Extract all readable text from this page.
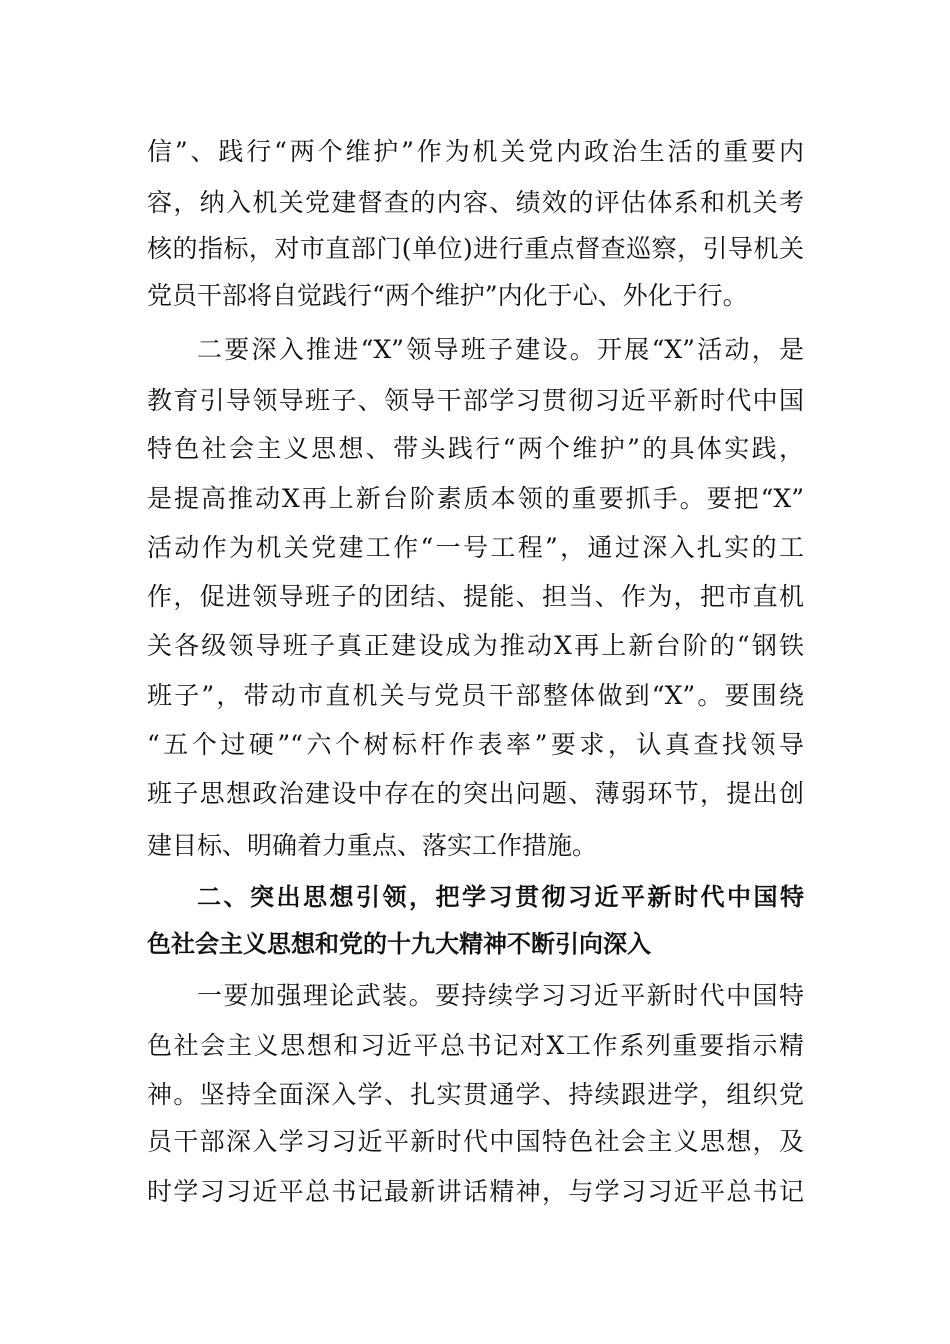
信”、践行“两个维护”作为机关党内政治生活的重要内
容，纳入机关党建督查的内容、绩效的评估体系和机关考
核的指标，对市直部门(单位)进行重点督查巡察，引导机关
党员干部将自觉践行“两个维护”内化于心、外化于行。
二要深入推进“X”领导班子建设。开展“X”活动，是
教育引导领导班子、领导干部学习贯彻习近平新时代中国
特色社会主义思想、带头践行“两个维护”的具体实践，
是提高推动X再上新台阶素质本领的重要抓手。要把“X”
活动作为机关党建工作“一号工程”，通过深入扎实的工
作，促进领导班子的团结、提能、担当、作为，把市直机
关各级领导班子真正建设成为推动X再上新台阶的“钢铁
班子”，带动市直机关与党员干部整体做到“X”。要围绕
“五个过硬”“六个树标杆作表率”要求，认真查找领导
班子思想政治建设中存在的突出问题、薄弱环节，提出创
建目标、明确着力重点、落实工作措施。
二、突出思想引领，把学习贯彻习近平新时代中国特
色社会主义思想和党的十九大精神不断引向深入
一要加强理论武装。要持续学习习近平新时代中国特
色社会主义思想和习近平总书记对X工作系列重要指示精
神。坚持全面深入学、扎实贯通学、持续跟进学，组织党
员干部深入学习习近平新时代中国特色社会主义思想，及
时学习习近平总书记最新讲话精神，与学习习近平总书记
